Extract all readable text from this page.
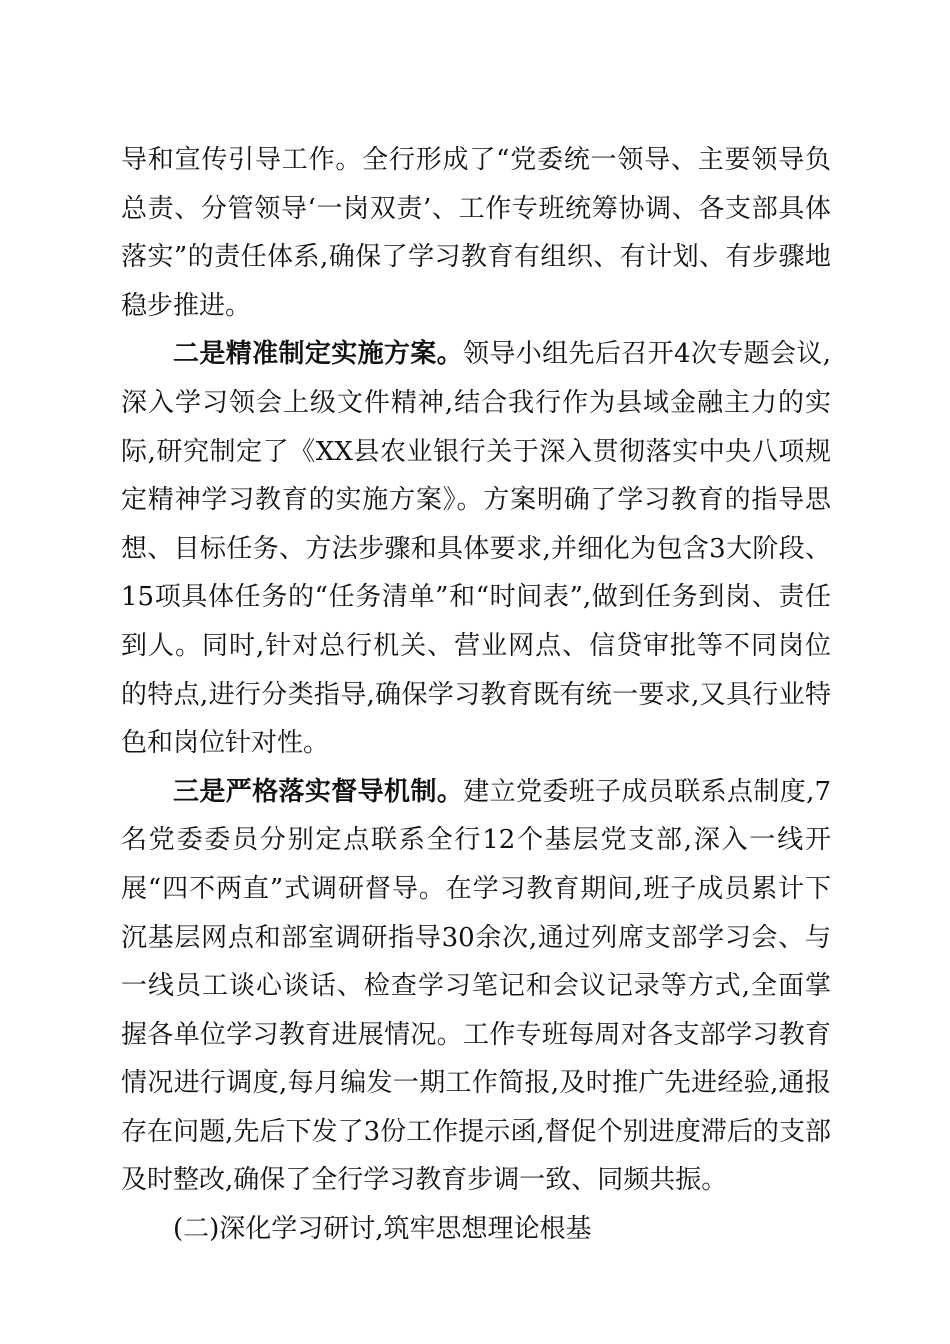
导和宣传引导工作。全行形成了“党委统一领导、主要领导负总责、分管领导‘一岗双责’、工作专班统筹协调、各支部具体落实”的责任体系,确保了学习教育有组织、有计划、有步骤地稳步推进。

二是精准制定实施方案。领导小组先后召开4次专题会议,深入学习领会上级文件精神,结合我行作为县域金融主力的实际,研究制定了《XX县农业银行关于深入贯彻落实中央八项规定精神学习教育的实施方案》。方案明确了学习教育的指导思想、目标任务、方法步骤和具体要求,并细化为包含3大阶段、15项具体任务的“任务清单”和“时间表”,做到任务到岗、责任到人。同时,针对总行机关、营业网点、信贷审批等不同岗位的特点,进行分类指导,确保学习教育既有统一要求,又具行业特色和岗位针对性。

三是严格落实督导机制。建立党委班子成员联系点制度,7名党委委员分别定点联系全行12个基层党支部,深入一线开展“四不两直”式调研督导。在学习教育期间,班子成员累计下沉基层网点和部室调研指导30余次,通过列席支部学习会、与一线员工谈心谈话、检查学习笔记和会议记录等方式,全面掌握各单位学习教育进展情况。工作专班每周对各支部学习教育情况进行调度,每月编发一期工作简报,及时推广先进经验,通报存在问题,先后下发了3份工作提示函,督促个别进度滞后的支部及时整改,确保了全行学习教育步调一致、同频共振。

(二)深化学习研讨,筑牢思想理论根基
